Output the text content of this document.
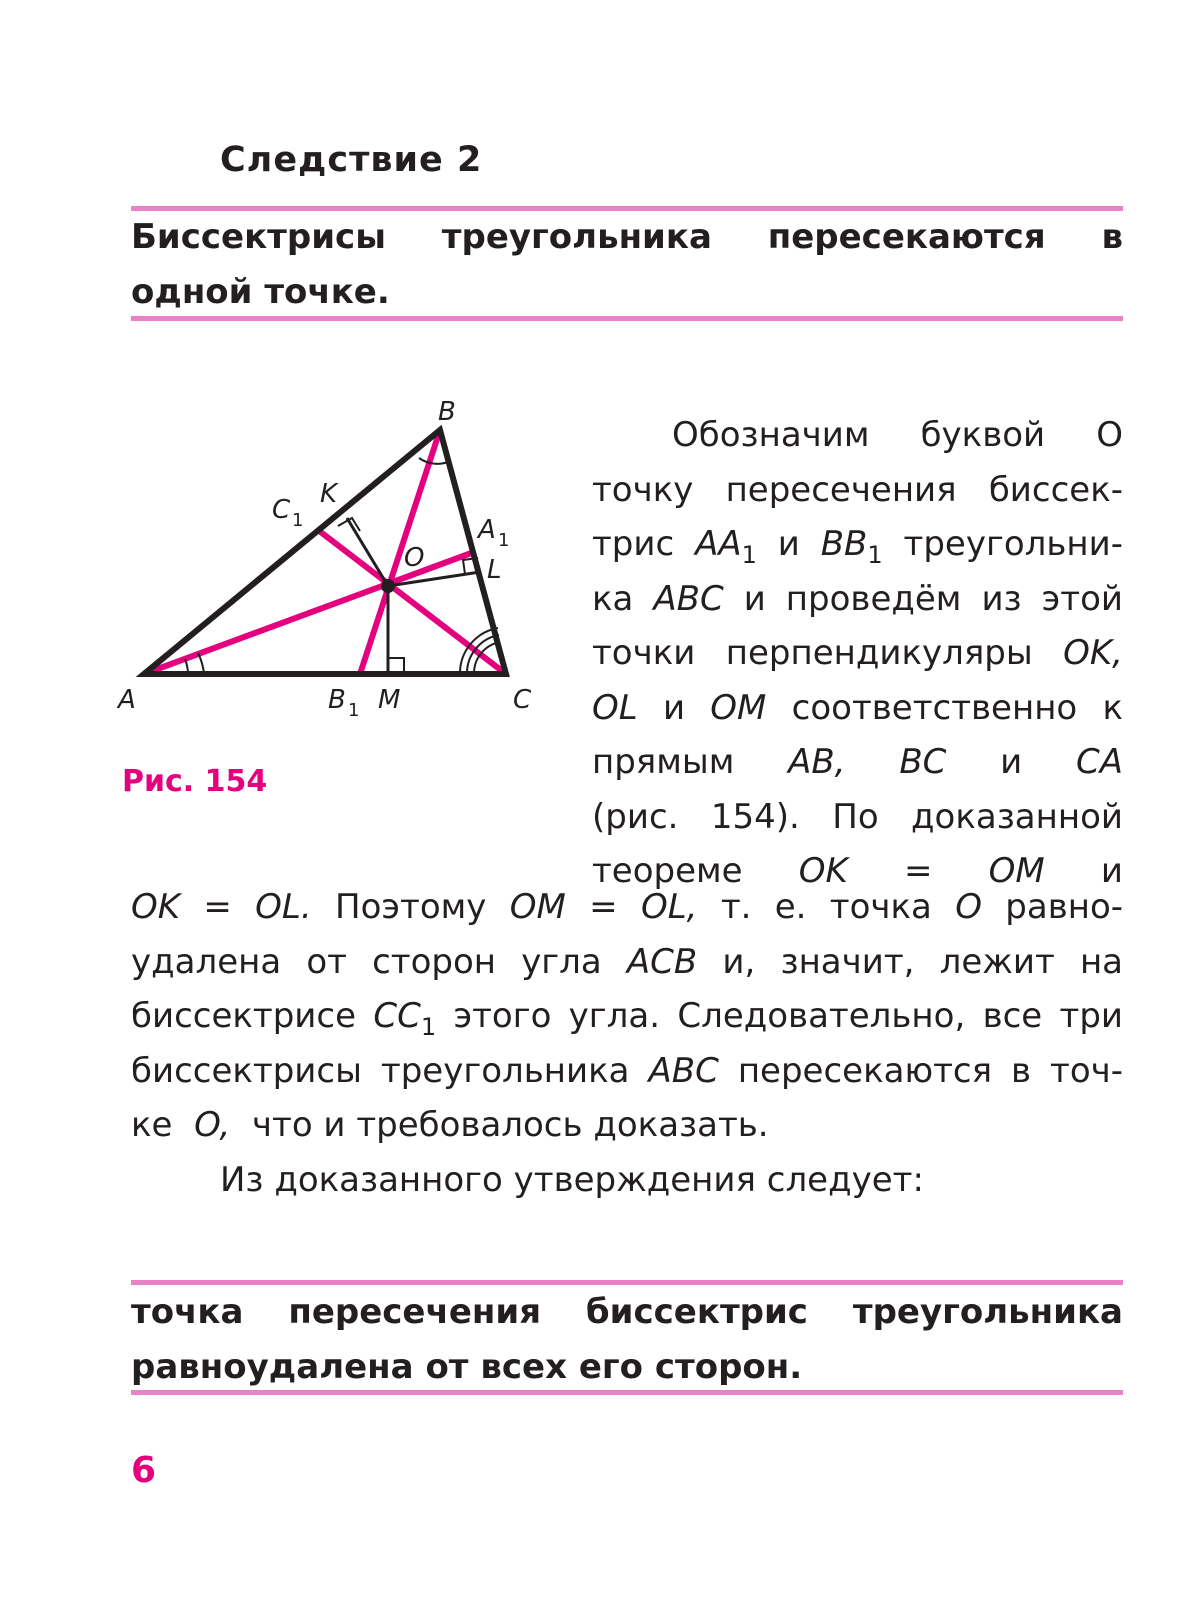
Следствие 2
Биссектрисы треугольника пересекаются в одной точке.
A
B
C
O
K
L
M
C 1	A 1
B 1
Рис. 154
Обозначим буквой O
точку пересечения биссек-
трис $AA_1$ и $BB_1$ треугольни-
ка ABC и проведём из этой
точки перпендикуляры OK,
OL и OM соответственно к
прямым AB, BC и CA
(рис. 154). По доказанной
теореме OK = OM и
OK = OL. Поэтому OM = OL, т. е. точка O равно-
удалена от сторон угла ACB и, значит, лежит на
биссектрисе $CC_1$ этого угла. Следовательно, все три
биссектрисы треугольника ABC пересекаются в точ-
ке O, что и требовалось доказать.
Из доказанного утверждения следует:
точка пересечения биссектрис треугольника равноудалена от всех его сторон.
6
